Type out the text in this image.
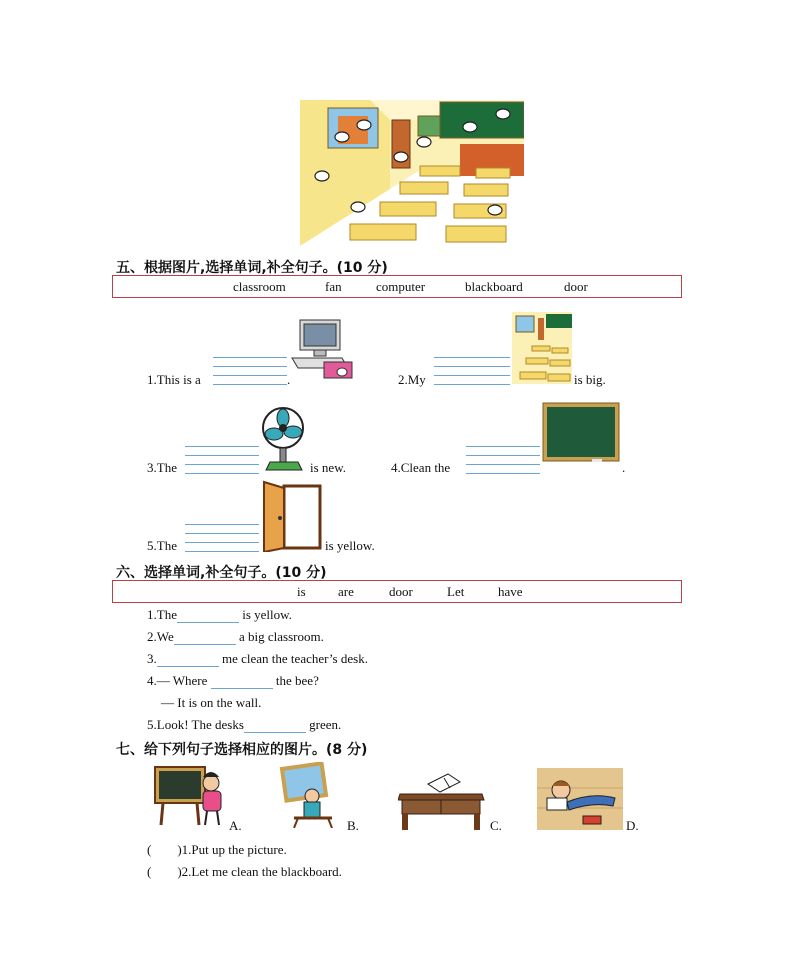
五、根据图片,选择单词,补全句子。(10 分)
classroom	fan	computer	blackboard	door
1.This is a	.	2.My	is big.
3.The	is new.	4.Clean the	.
5.The	is yellow.
六、选择单词,补全句子。(10 分)
is are	door	Let	have
1.The	is yellow.
2.We	a big classroom.
3.	me clean the teacher’s desk.
4.— Where	the bee?
— It is on the wall.
5.Look! The desks	green.
七、给下列句子选择相应的图片。(8 分)
A.	B.	C.	D.
( )1.Put up the picture.
( )2.Let me clean the blackboard.
